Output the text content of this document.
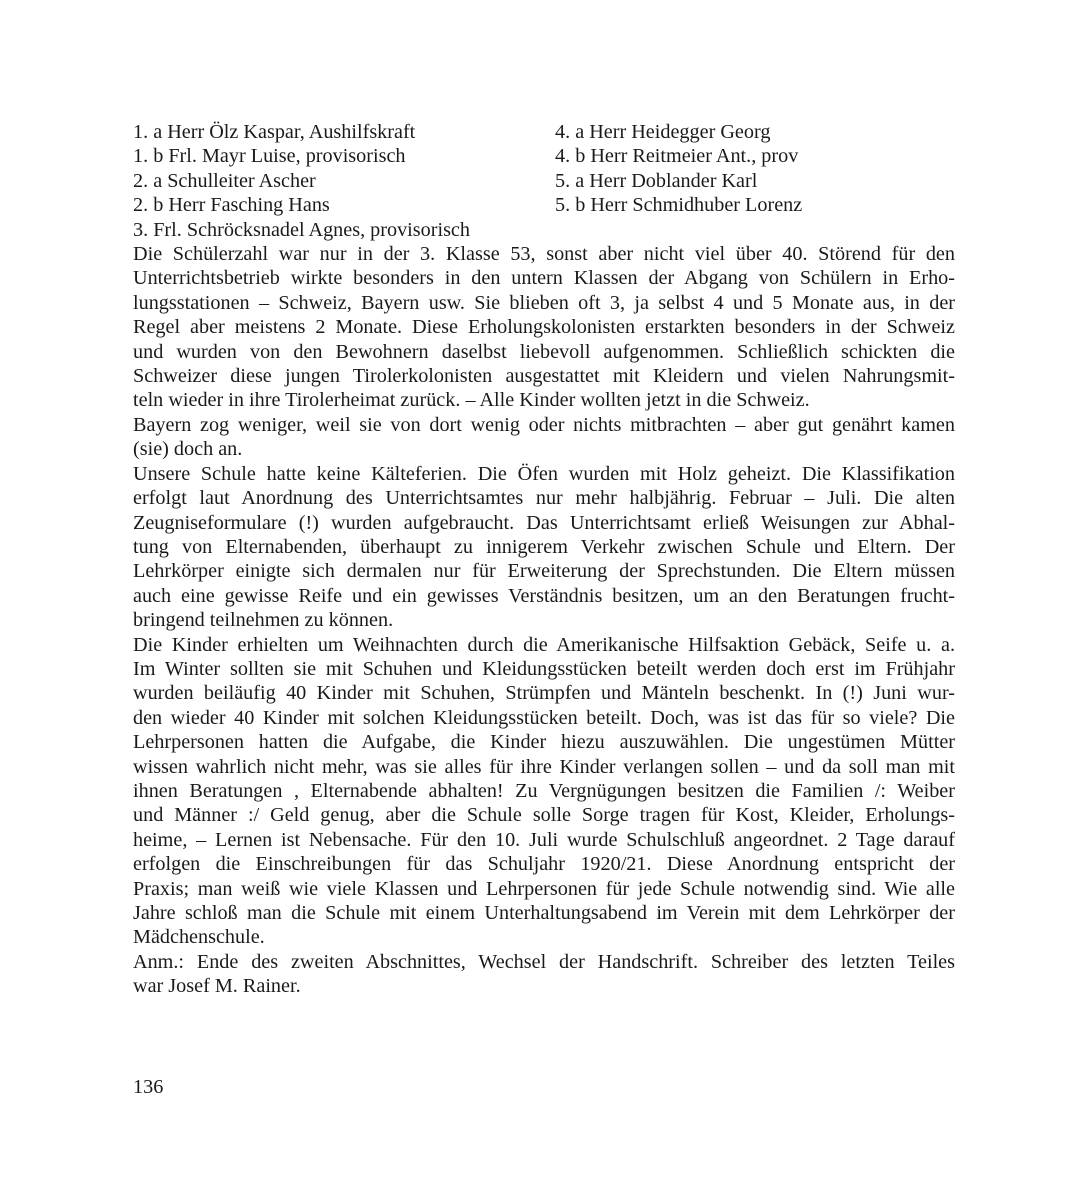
1. a Herr Ölz Kaspar, Aushilfskraft
1. b Frl. Mayr Luise, provisorisch
2. a Schulleiter Ascher
2. b Herr Fasching Hans
3. Frl. Schröcksnadel Agnes, provisorisch
4. a Herr Heidegger Georg
4. b Herr Reitmeier Ant., prov
5. a Herr Doblander Karl
5. b Herr Schmidhuber Lorenz

Die Schülerzahl war nur in der 3. Klasse 53, sonst aber nicht viel über 40. Störend für den
Unterrichtsbetrieb wirkte besonders in den untern Klassen der Abgang von Schülern in Erho-
lungsstationen – Schweiz, Bayern usw. Sie blieben oft 3, ja selbst 4 und 5 Monate aus, in der
Regel aber meistens 2 Monate. Diese Erholungskolonisten erstarkten besonders in der Schweiz
und wurden von den Bewohnern daselbst liebevoll aufgenommen. Schließlich schickten die
Schweizer diese jungen Tirolerkolonisten ausgestattet mit Kleidern und vielen Nahrungsmit-
teln wieder in ihre Tirolerheimat zurück. – Alle Kinder wollten jetzt in die Schweiz.

Bayern zog weniger, weil sie von dort wenig oder nichts mitbrachten – aber gut genährt kamen
(sie) doch an.

Unsere Schule hatte keine Kälteferien. Die Öfen wurden mit Holz geheizt. Die Klassifikation
erfolgt laut Anordnung des Unterrichtsamtes nur mehr halbjährig. Februar – Juli. Die alten
Zeugniseformulare (!) wurden aufgebraucht. Das Unterrichtsamt erließ Weisungen zur Abhal-
tung von Elternabenden, überhaupt zu innigerem Verkehr zwischen Schule und Eltern. Der
Lehrkörper einigte sich dermalen nur für Erweiterung der Sprechstunden. Die Eltern müssen
auch eine gewisse Reife und ein gewisses Verständnis besitzen, um an den Beratungen frucht-
bringend teilnehmen zu können.

Die Kinder erhielten um Weihnachten durch die Amerikanische Hilfsaktion Gebäck, Seife u. a.
Im Winter sollten sie mit Schuhen und Kleidungsstücken beteilt werden doch erst im Frühjahr
wurden beiläufig 40 Kinder mit Schuhen, Strümpfen und Mänteln beschenkt. In (!) Juni wur-
den wieder 40 Kinder mit solchen Kleidungsstücken beteilt. Doch, was ist das für so viele? Die
Lehrpersonen hatten die Aufgabe, die Kinder hiezu auszuwählen. Die ungestümen Mütter
wissen wahrlich nicht mehr, was sie alles für ihre Kinder verlangen sollen – und da soll man mit
ihnen Beratungen , Elternabende abhalten! Zu Vergnügungen besitzen die Familien /: Weiber
und Männer :/ Geld genug, aber die Schule solle Sorge tragen für Kost, Kleider, Erholungs-
heime, – Lernen ist Nebensache. Für den 10. Juli wurde Schulschluß angeordnet. 2 Tage darauf
erfolgen die Einschreibungen für das Schuljahr 1920/21. Diese Anordnung entspricht der
Praxis; man weiß wie viele Klassen und Lehrpersonen für jede Schule notwendig sind. Wie alle
Jahre schloß man die Schule mit einem Unterhaltungsabend im Verein mit dem Lehrkörper der
Mädchenschule.

Anm.: Ende des zweiten Abschnittes, Wechsel der Handschrift. Schreiber des letzten Teiles
war Josef M. Rainer.

136
